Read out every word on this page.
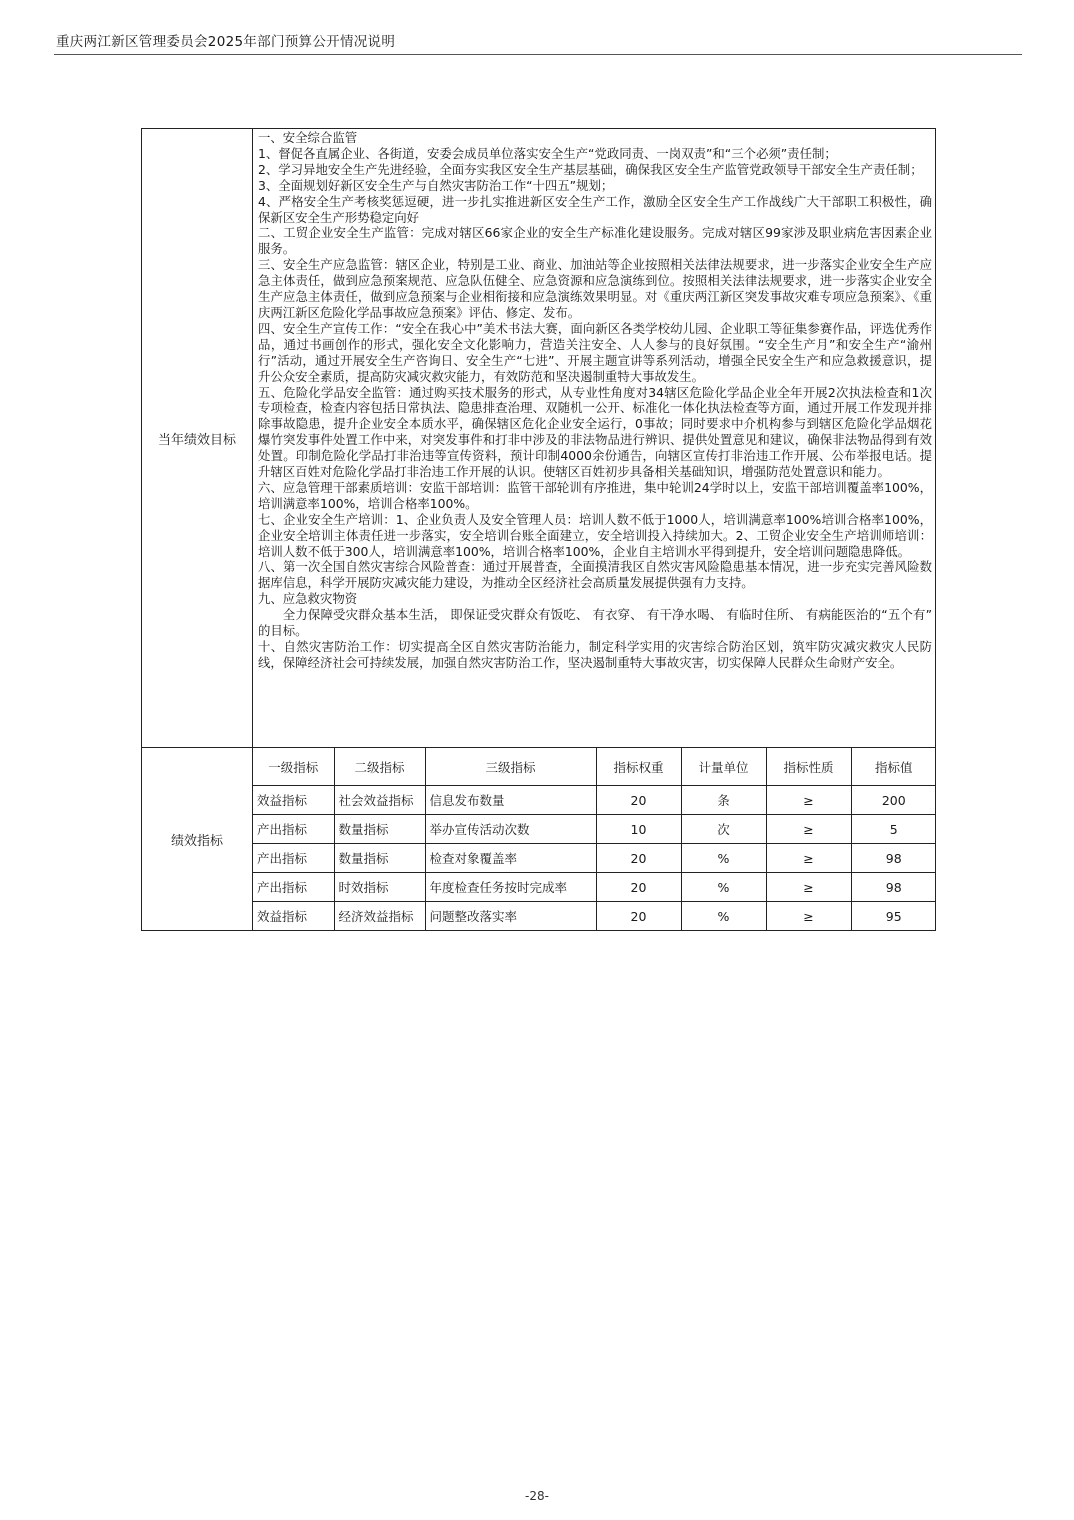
重庆两江新区管理委员会2025年部门预算公开情况说明
当年绩效目标	

一、安全综合监管

1、督促各直属企业、各街道，安委会成员单位落实安全生产“党政同责、一岗双责”和“三个必须”责任制；

2、学习异地安全生产先进经验，全面夯实我区安全生产基层基础，确保我区安全生产监管党政领导干部安全生产责任制；

3、全面规划好新区安全生产与自然灾害防治工作“十四五”规划；

4、严格安全生产考核奖惩逗硬，进一步扎实推进新区安全生产工作，激励全区安全生产工作战线广大干部职工积极性，确保新区安全生产形势稳定向好

二、工贸企业安全生产监管：完成对辖区66家企业的安全生产标准化建设服务。完成对辖区99家涉及职业病危害因素企业服务。

三、安全生产应急监管：辖区企业，特别是工业、商业、加油站等企业按照相关法律法规要求，进一步落实企业安全生产应急主体责任，做到应急预案规范、应急队伍健全、应急资源和应急演练到位。按照相关法律法规要求，进一步落实企业安全生产应急主体责任，做到应急预案与企业相衔接和应急演练效果明显。对《重庆两江新区突发事故灾难专项应急预案》、《重庆两江新区危险化学品事故应急预案》评估、修定、发布。

四、安全生产宣传工作：“安全在我心中”美术书法大赛，面向新区各类学校幼儿园、企业职工等征集参赛作品，评选优秀作品，通过书画创作的形式，强化安全文化影响力，营造关注安全、人人参与的良好氛围。“安全生产月”和安全生产“渝州行”活动，通过开展安全生产咨询日、安全生产“七进”、开展主题宣讲等系列活动，增强全民安全生产和应急救援意识，提升公众安全素质，提高防灾减灾救灾能力，有效防范和坚决遏制重特大事故发生。

五、危险化学品安全监管：通过购买技术服务的形式，从专业性角度对34辖区危险化学品企业全年开展2次执法检查和1次专项检查，检查内容包括日常执法、隐患排查治理、双随机一公开、标准化一体化执法检查等方面，通过开展工作发现并排除事故隐患，提升企业安全本质水平，确保辖区危化企业安全运行，0事故；同时要求中介机构参与到辖区危险化学品烟花爆竹突发事件处置工作中来，对突发事件和打非中涉及的非法物品进行辨识、提供处置意见和建议，确保非法物品得到有效处置。印制危险化学品打非治违等宣传资料，预计印制4000余份通告，向辖区宣传打非治违工作开展、公布举报电话。提升辖区百姓对危险化学品打非治违工作开展的认识。使辖区百姓初步具备相关基础知识，增强防范处置意识和能力。

六、应急管理干部素质培训：安监干部培训：监管干部轮训有序推进，集中轮训24学时以上，安监干部培训覆盖率100%，培训满意率100%，培训合格率100%。

七、企业安全生产培训：1、企业负责人及安全管理人员：培训人数不低于1000人，培训满意率100%培训合格率100%，企业安全培训主体责任进一步落实，安全培训台账全面建立，安全培训投入持续加大。2、工贸企业安全生产培训师培训：培训人数不低于300人，培训满意率100%，培训合格率100%，企业自主培训水平得到提升，安全培训问题隐患降低。

八、第一次全国自然灾害综合风险普查：通过开展普查，全面摸清我区自然灾害风险隐患基本情况，进一步充实完善风险数据库信息，科学开展防灾减灾能力建设，为推动全区经济社会高质量发展提供强有力支持。

九、应急救灾物资

全力保障受灾群众基本生活， 即保证受灾群众有饭吃、 有衣穿、 有干净水喝、 有临时住所、 有病能医治的“五个有” 的目标。

十、自然灾害防治工作：切实提高全区自然灾害防治能力，制定科学实用的灾害综合防治区划，筑牢防灾减灾救灾人民防线，保障经济社会可持续发展，加强自然灾害防治工作，坚决遏制重特大事故灾害，切实保障人民群众生命财产安全。

绩效指标	
一级指标	二级指标	三级指标	指标权重	计量单位	指标性质	指标值
效益指标	社会效益指标	信息发布数量	20	条	≥	200
产出指标	数量指标	举办宣传活动次数	10	次	≥	5
产出指标	数量指标	检查对象覆盖率	20	%	≥	98
产出指标	时效指标	年度检查任务按时完成率	20	%	≥	98
效益指标	经济效益指标	问题整改落实率	20	%	≥	95
-28-
